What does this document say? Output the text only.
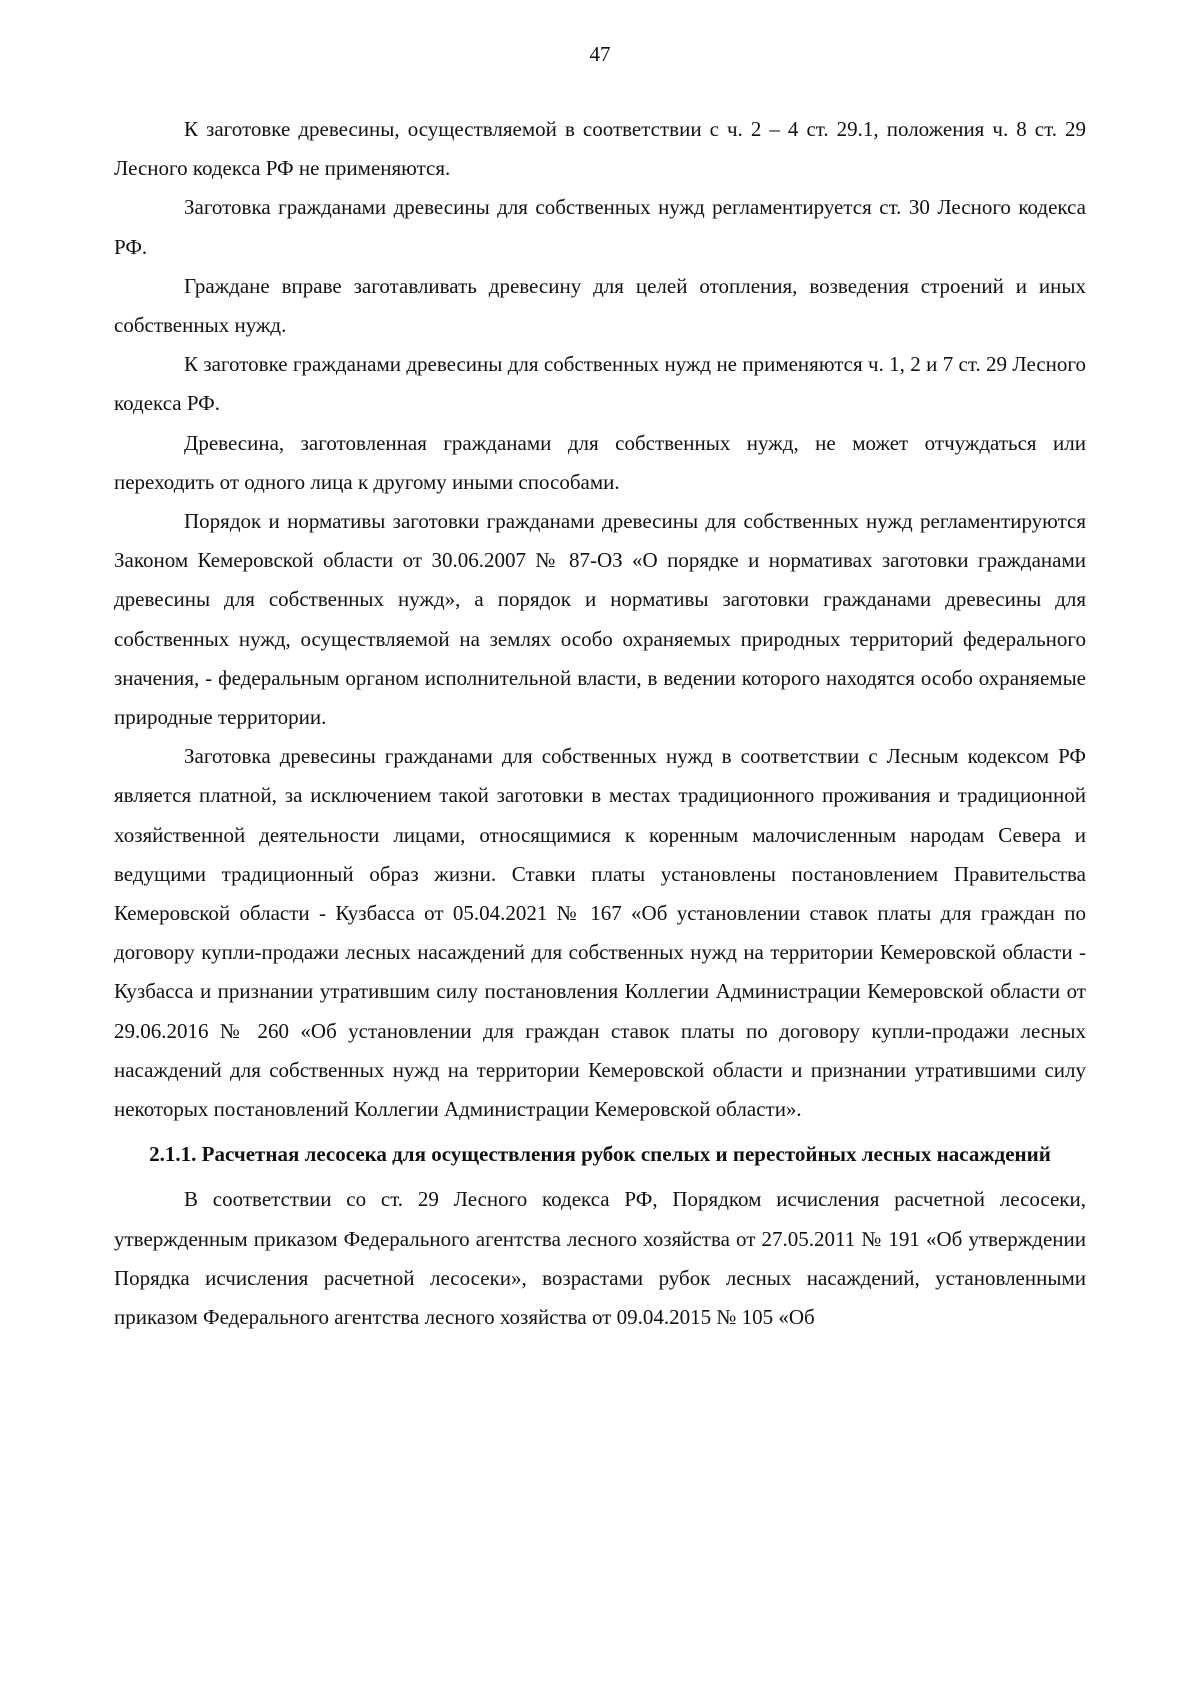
47

К заготовке древесины, осуществляемой в соответствии с ч. 2 – 4 ст. 29.1, положения ч. 8 ст. 29 Лесного кодекса РФ не применяются.

Заготовка гражданами древесины для собственных нужд регламентируется ст. 30 Лесного кодекса РФ.

Граждане вправе заготавливать древесину для целей отопления, возведения строений и иных собственных нужд.

К заготовке гражданами древесины для собственных нужд не применяются ч. 1, 2 и 7 ст. 29 Лесного кодекса РФ.

Древесина, заготовленная гражданами для собственных нужд, не может отчуждаться или переходить от одного лица к другому иными способами.

Порядок и нормативы заготовки гражданами древесины для собственных нужд регламентируются Законом Кемеровской области от 30.06.2007 № 87-ОЗ «О порядке и нормативах заготовки гражданами древесины для собственных нужд», а порядок и нормативы заготовки гражданами древесины для собственных нужд, осуществляемой на землях особо охраняемых природных территорий федерального значения, - федеральным органом исполнительной власти, в ведении которого находятся особо охраняемые природные территории.

Заготовка древесины гражданами для собственных нужд в соответствии с Лесным кодексом РФ является платной, за исключением такой заготовки в местах традиционного проживания и традиционной хозяйственной деятельности лицами, относящимися к коренным малочисленным народам Севера и ведущими традиционный образ жизни. Ставки платы установлены постановлением Правительства Кемеровской области - Кузбасса от 05.04.2021 № 167 «Об установлении ставок платы для граждан по договору купли-продажи лесных насаждений для собственных нужд на территории Кемеровской области - Кузбасса и признании утратившим силу постановления Коллегии Администрации Кемеровской области от 29.06.2016 № 260 «Об установлении для граждан ставок платы по договору купли-продажи лесных насаждений для собственных нужд на территории Кемеровской области и признании утратившими силу некоторых постановлений Коллегии Администрации Кемеровской области».

2.1.1. Расчетная лесосека для осуществления рубок спелых и перестойных лесных насаждений

В соответствии со ст. 29 Лесного кодекса РФ, Порядком исчисления расчетной лесосеки, утвержденным приказом Федерального агентства лесного хозяйства от 27.05.2011 № 191 «Об утверждении Порядка исчисления расчетной лесосеки», возрастами рубок лесных насаждений, установленными приказом Федерального агентства лесного хозяйства от 09.04.2015 № 105 «Об
